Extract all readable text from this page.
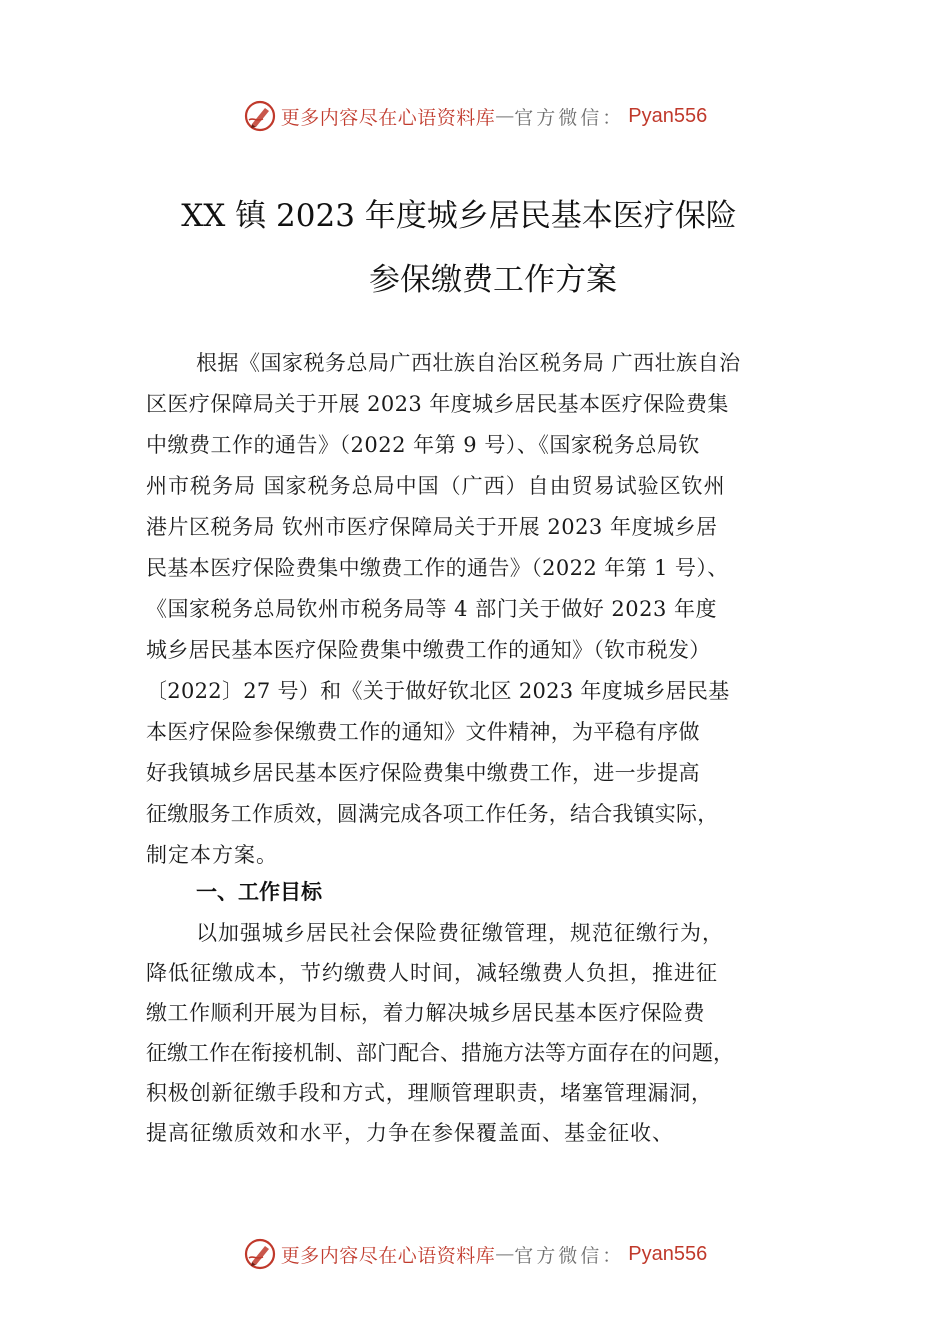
更多内容尽在心语资料库 — 官方微信： Pyan556
XX 镇 2023 年度城乡居民基本医疗保险
参保缴费工作方案
根据《国家税务总局广西壮族自治区税务局 广西壮族自治
区医疗保障局关于开展 2023 年度城乡居民基本医疗保险费集
中缴费工作的通告》（2022 年第 9 号）、《国家税务总局钦
州市税务局 国家税务总局中国（广西）自由贸易试验区钦州
港片区税务局 钦州市医疗保障局关于开展 2023 年度城乡居
民基本医疗保险费集中缴费工作的通告》（2022 年第 1 号）、
《国家税务总局钦州市税务局等 4 部门关于做好 2023 年度
城乡居民基本医疗保险费集中缴费工作的通知》（钦市税发）
〔2022〕27 号）和《关于做好钦北区 2023 年度城乡居民基
本医疗保险参保缴费工作的通知》文件精神，为平稳有序做
好我镇城乡居民基本医疗保险费集中缴费工作，进一步提高
征缴服务工作质效，圆满完成各项工作任务，结合我镇实际，
制定本方案。
一、工作目标
以加强城乡居民社会保险费征缴管理，规范征缴行为，
降低征缴成本，节约缴费人时间，减轻缴费人负担，推进征
缴工作顺利开展为目标，着力解决城乡居民基本医疗保险费
征缴工作在衔接机制、部门配合、措施方法等方面存在的问题，
积极创新征缴手段和方式，理顺管理职责，堵塞管理漏洞，
提高征缴质效和水平，力争在参保覆盖面、基金征收、
更多内容尽在心语资料库 — 官方微信： Pyan556
